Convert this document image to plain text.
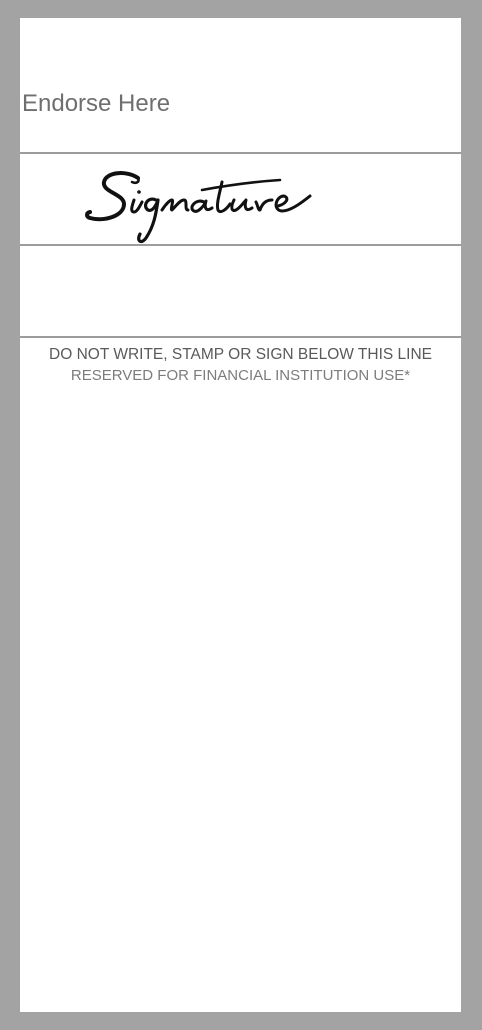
Endorse Here
DO NOT WRITE, STAMP OR SIGN BELOW THIS LINE
RESERVED FOR FINANCIAL INSTITUTION USE*
